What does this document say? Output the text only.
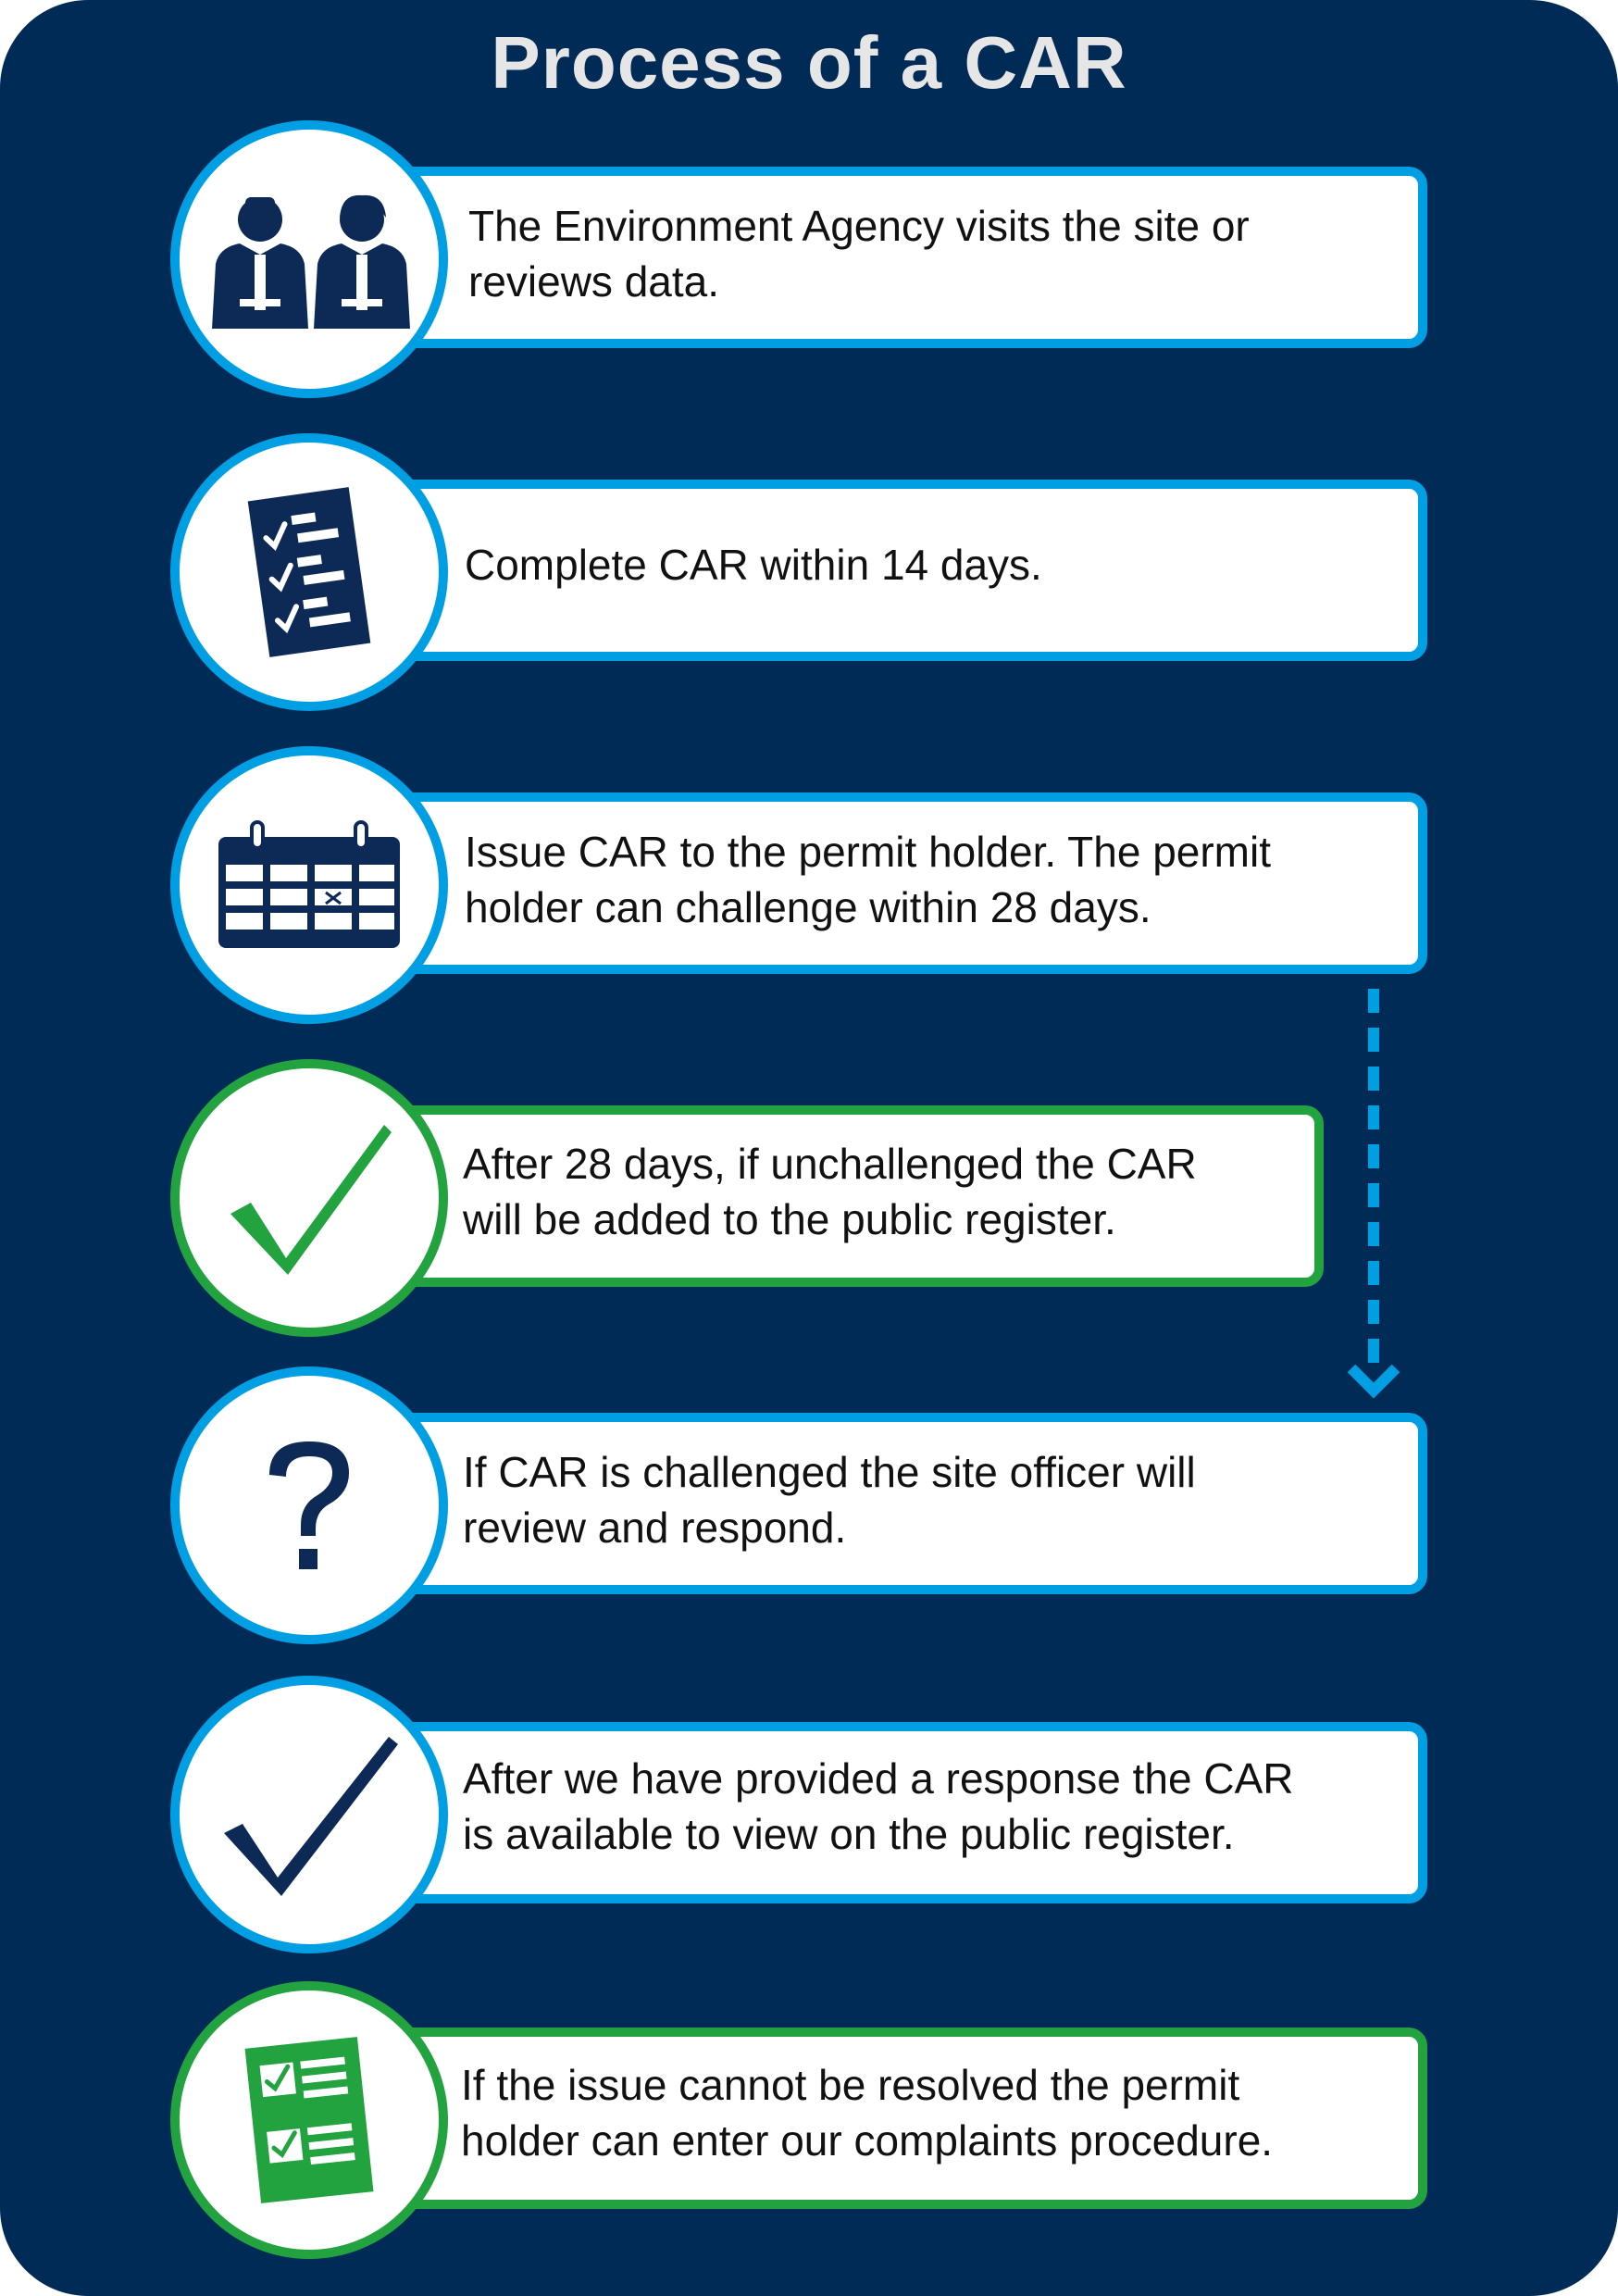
Process of a CAR
The Environment Agency visits the site or
reviews data.
Complete CAR within 14 days.
Issue CAR to the permit holder. The permit
holder can challenge within 28 days.
After 28 days, if unchallenged the CAR
will be added to the public register.
If CAR is challenged the site officer will
review and respond.
After we have provided a response the CAR
is available to view on the public register.
If the issue cannot be resolved the permit
holder can enter our complaints procedure.
